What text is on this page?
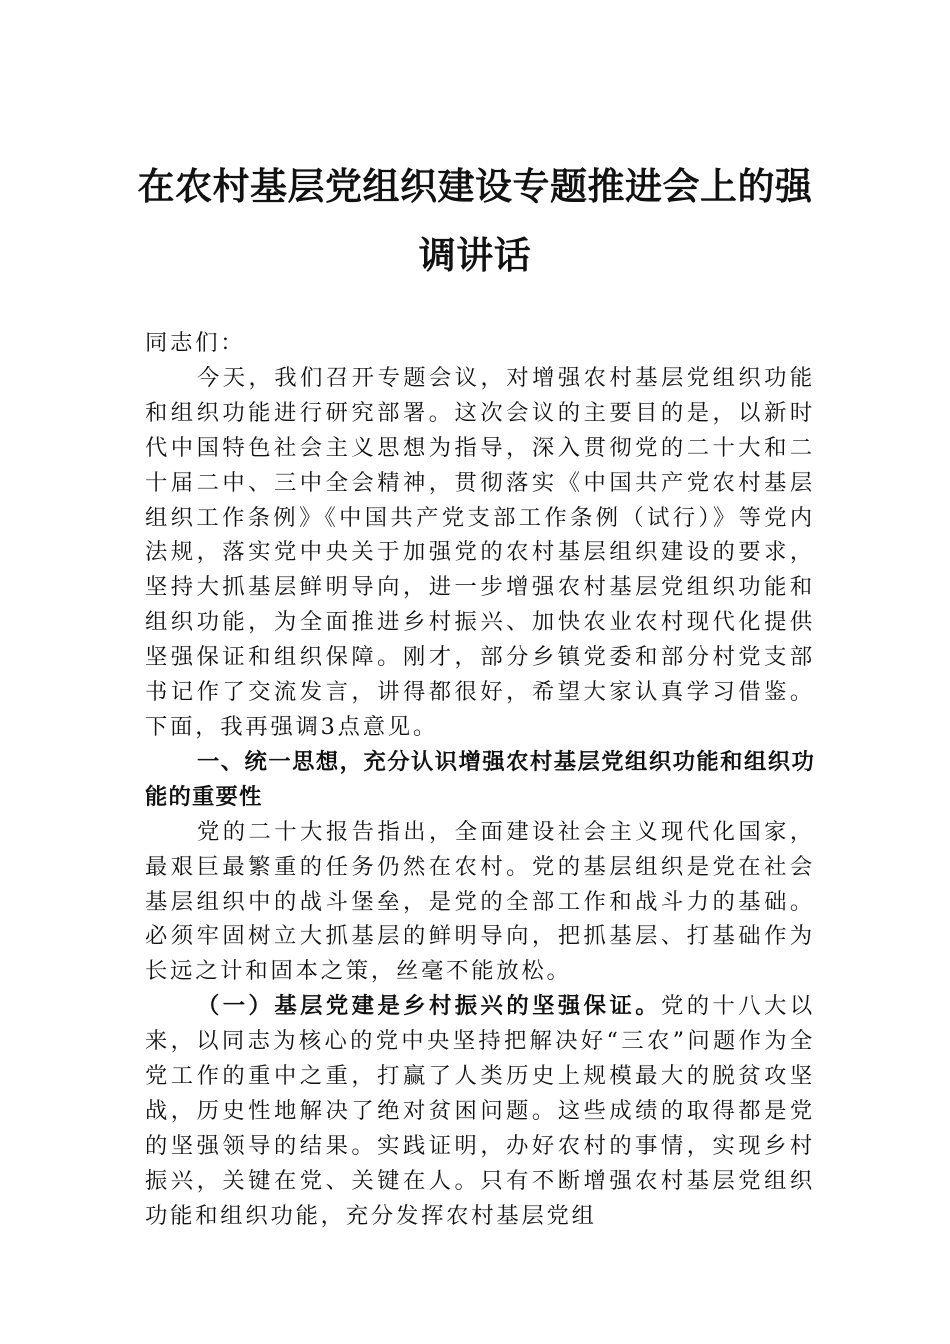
在农村基层党组织建设专题推进会上的强
调讲话

同志们：

今天，我们召开专题会议，对增强农村基层党组织功能和组织功能进行研究部署。这次会议的主要目的是，以新时代中国特色社会主义思想为指导，深入贯彻党的二十大和二十届二中、三中全会精神，贯彻落实《中国共产党农村基层组织工作条例》《中国共产党支部工作条例（试行）》等党内法规，落实党中央关于加强党的农村基层组织建设的要求，坚持大抓基层鲜明导向，进一步增强农村基层党组织功能和组织功能，为全面推进乡村振兴、加快农业农村现代化提供坚强保证和组织保障。刚才，部分乡镇党委和部分村党支部书记作了交流发言，讲得都很好，希望大家认真学习借鉴。下面，我再强调3点意见。

一、统一思想，充分认识增强农村基层党组织功能和组织功能的重要性

党的二十大报告指出，全面建设社会主义现代化国家，最艰巨最繁重的任务仍然在农村。党的基层组织是党在社会基层组织中的战斗堡垒，是党的全部工作和战斗力的基础。必须牢固树立大抓基层的鲜明导向，把抓基层、打基础作为长远之计和固本之策，丝毫不能放松。

（一）基层党建是乡村振兴的坚强保证。党的十八大以来，以同志为核心的党中央坚持把解决好“三农”问题作为全党工作的重中之重，打赢了人类历史上规模最大的脱贫攻坚战，历史性地解决了绝对贫困问题。这些成绩的取得都是党的坚强领导的结果。实践证明，办好农村的事情，实现乡村振兴，关键在党、关键在人。只有不断增强农村基层党组织功能和组织功能，充分发挥农村基层党组
